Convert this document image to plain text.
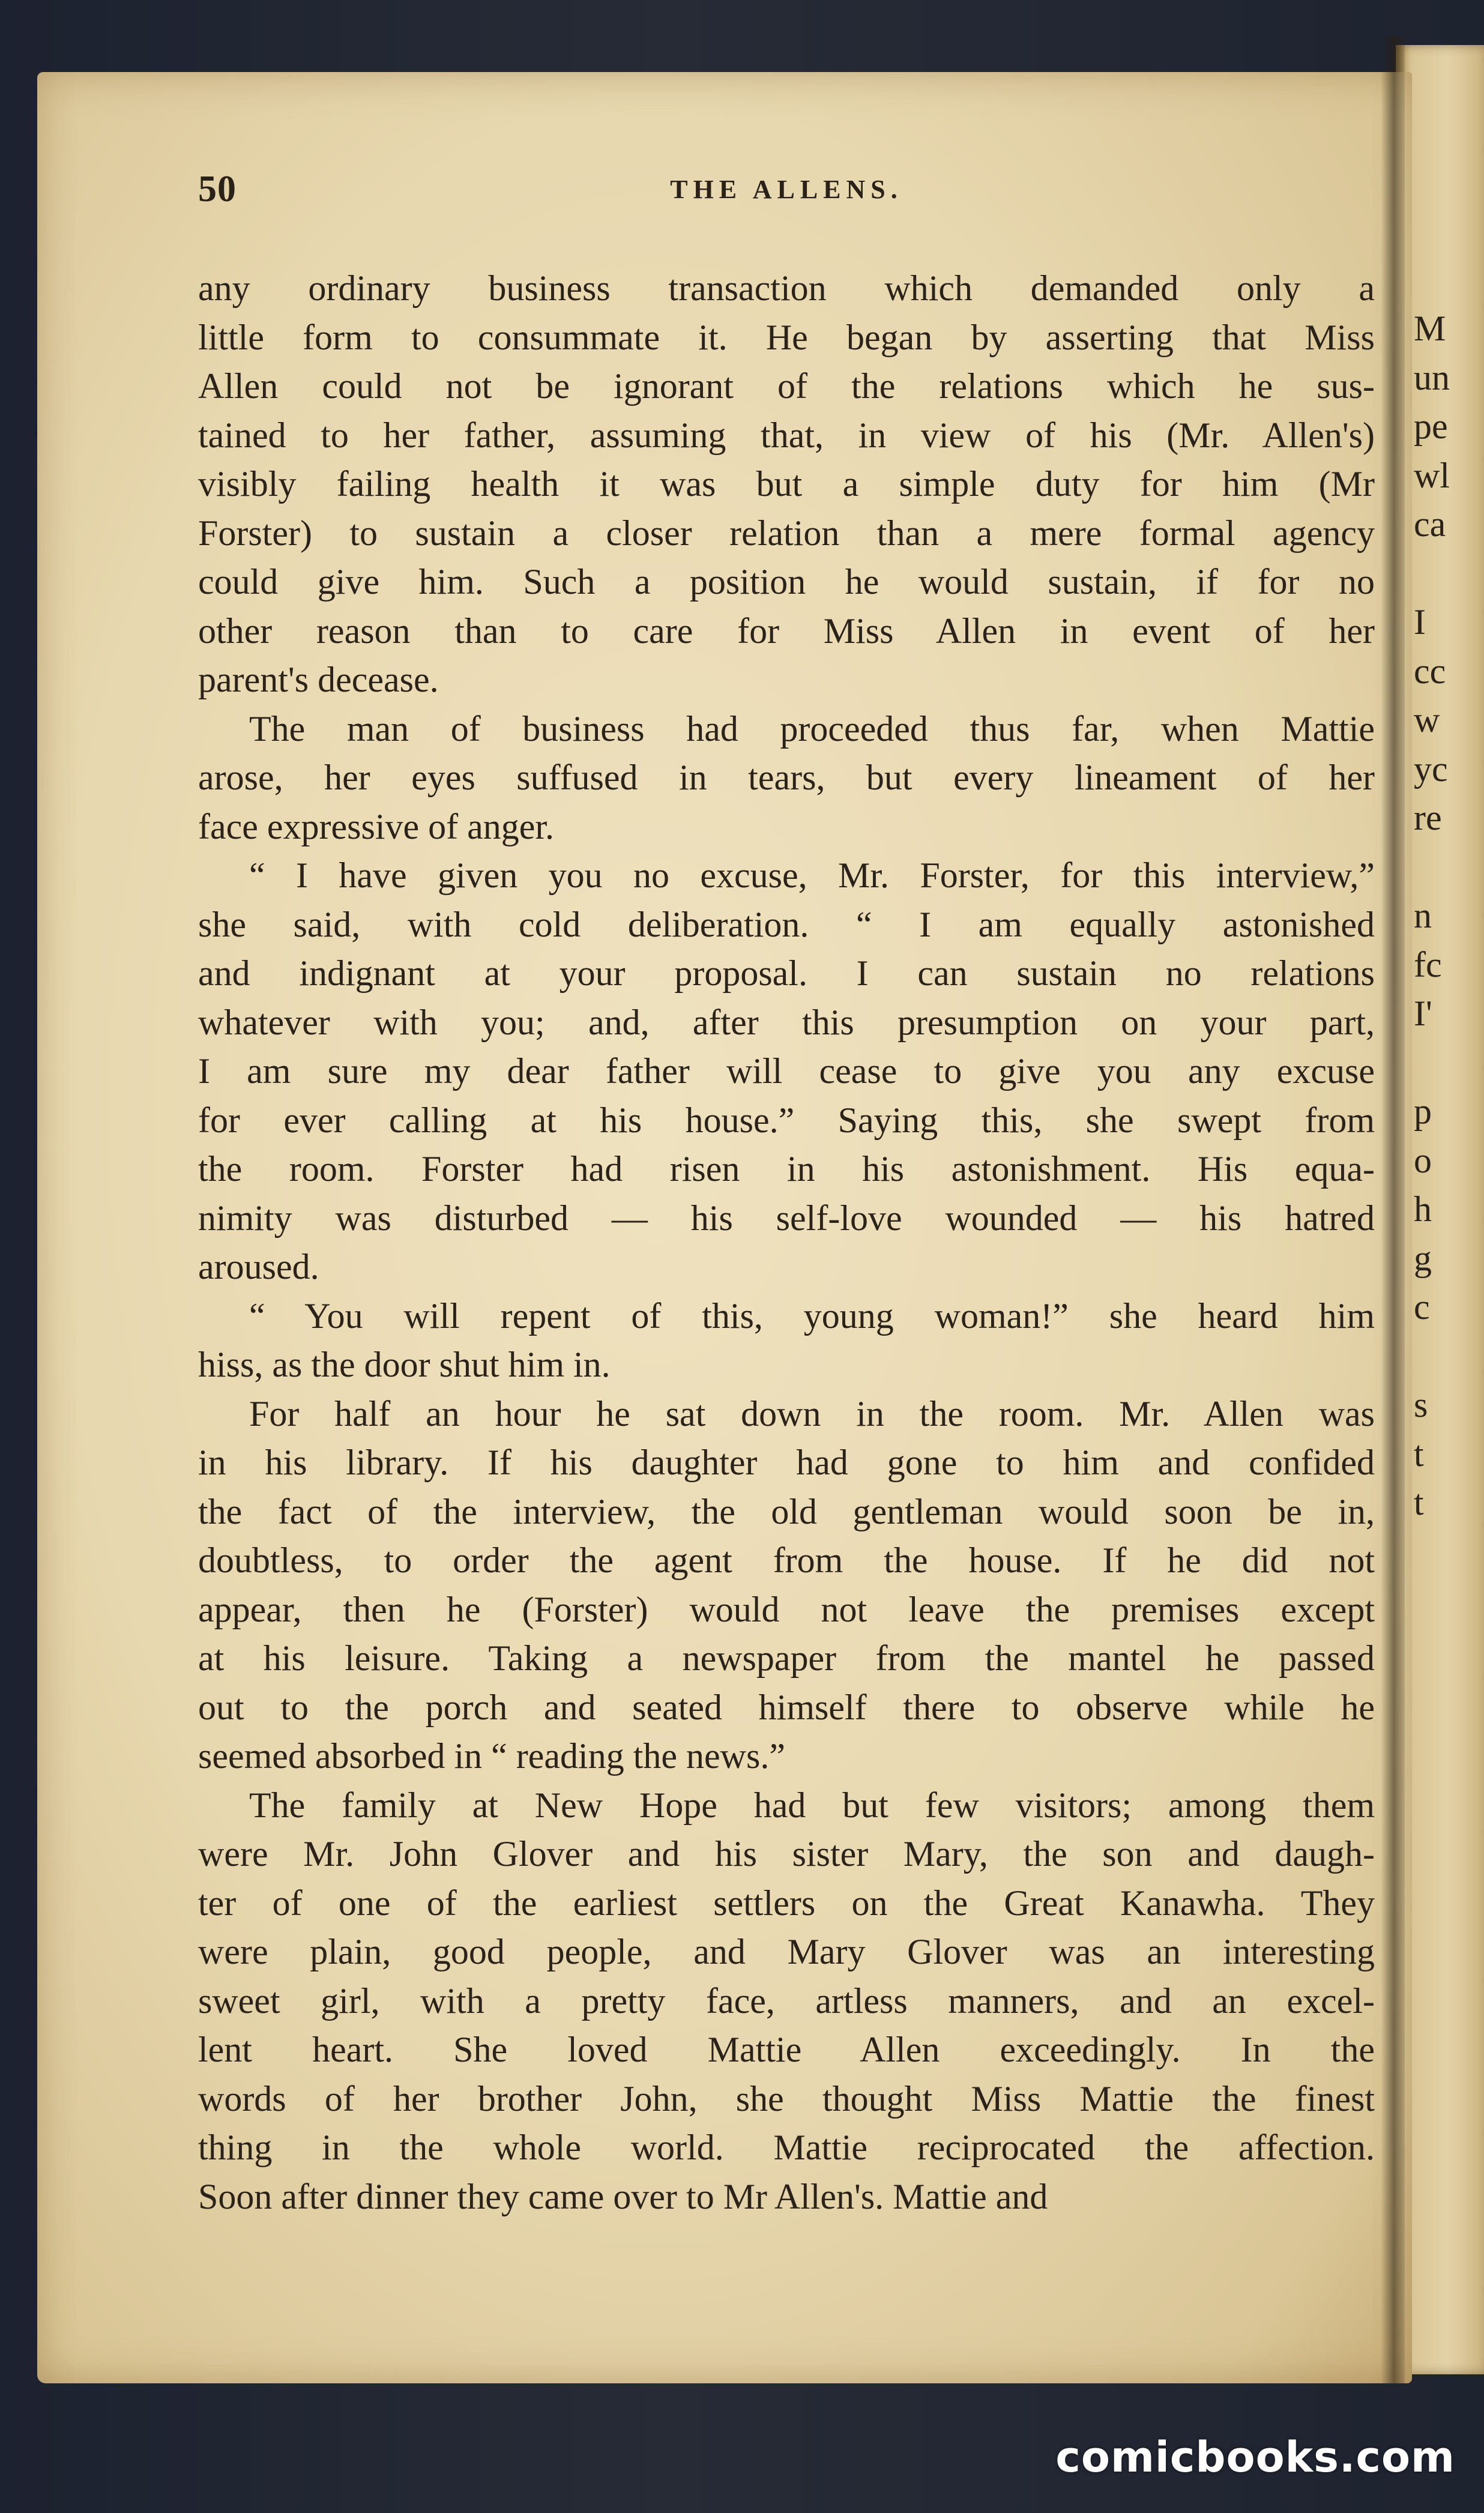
M
un
pe
wl
ca
I
cc
w
yc
re
n
fc
I'
p
o
h
g
c
s
t
t
50	THE ALLENS.
any ordinary business transaction which demanded only a
little form to consummate it. He began by asserting that Miss
Allen could not be ignorant of the relations which he sus-
tained to her father, assuming that, in view of his (Mr. Allen's)
visibly failing health it was but a simple duty for him (Mr
Forster) to sustain a closer relation than a mere formal agency
could give him. Such a position he would sustain, if for no
other reason than to care for Miss Allen in event of her
parent's decease.
The man of business had proceeded thus far, when Mattie
arose, her eyes suffused in tears, but every lineament of her
face expressive of anger.
“ I have given you no excuse, Mr. Forster, for this interview,”
she said, with cold deliberation. “ I am equally astonished
and indignant at your proposal. I can sustain no relations
whatever with you; and, after this presumption on your part,
I am sure my dear father will cease to give you any excuse
for ever calling at his house.” Saying this, she swept from
the room. Forster had risen in his astonishment. His equa-
nimity was disturbed — his self-love wounded — his hatred
aroused.
“ You will repent of this, young woman!” she heard him
hiss, as the door shut him in.
For half an hour he sat down in the room. Mr. Allen was
in his library. If his daughter had gone to him and confided
the fact of the interview, the old gentleman would soon be in,
doubtless, to order the agent from the house. If he did not
appear, then he (Forster) would not leave the premises except
at his leisure. Taking a newspaper from the mantel he passed
out to the porch and seated himself there to observe while he
seemed absorbed in “ reading the news.”
The family at New Hope had but few visitors; among them
were Mr. John Glover and his sister Mary, the son and daugh-
ter of one of the earliest settlers on the Great Kanawha. They
were plain, good people, and Mary Glover was an interesting
sweet girl, with a pretty face, artless manners, and an excel-
lent heart. She loved Mattie Allen exceedingly. In the
words of her brother John, she thought Miss Mattie the finest
thing in the whole world. Mattie reciprocated the affection.
Soon after dinner they came over to Mr Allen's. Mattie and
comicbooks.com
